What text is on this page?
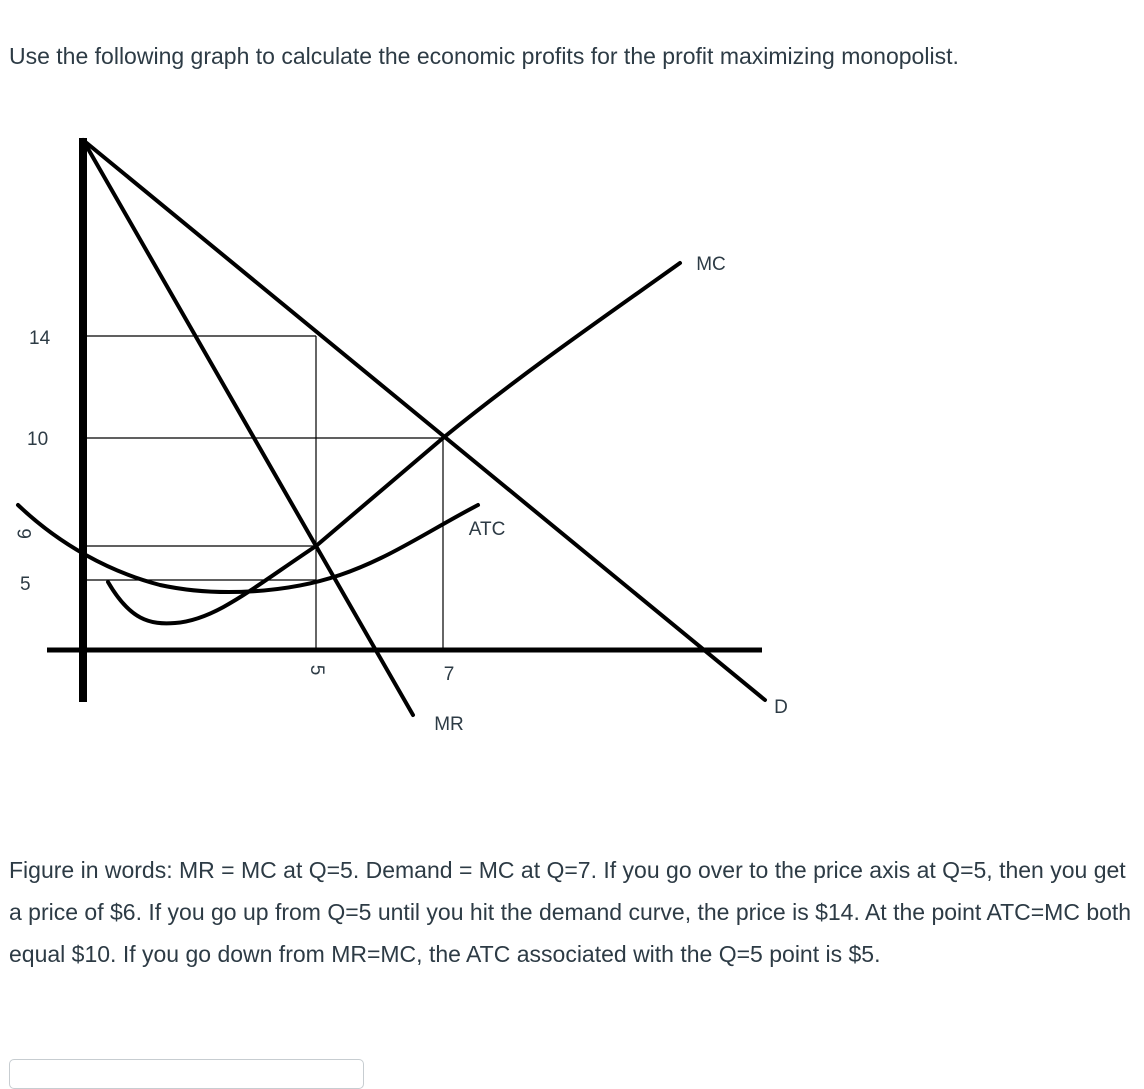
Use the following graph to calculate the economic profits for the profit maximizing monopolist.

14
10
6
5
5	7
MC
ATC
MR
D

Figure in words: MR = MC at Q=5. Demand = MC at Q=7. If you go over to the price axis at Q=5, then you get a price of $6. If you go up from Q=5 until you hit the demand curve, the price is $14. At the point ATC=MC both equal $10. If you go down from MR=MC, the ATC associated with the Q=5 point is $5.
